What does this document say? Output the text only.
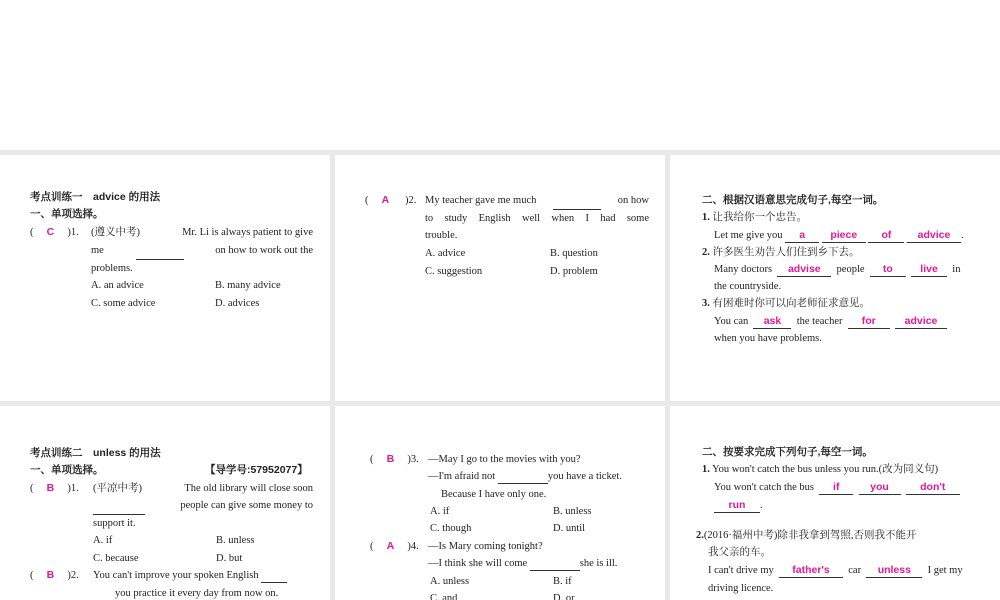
考点训练一　advice 的用法
一、单项选择。
(     C )1. (遵义中考)	Mr. Li is always patient to give
me
	on how to work out the
problems.
A. an advice	B. many advice
C. some advice	D. advices
(     A )2. My teacher gave me much
	on how
to study English well when I had some
trouble.
A. advice	B. question
C. suggestion	D. problem
二、根据汉语意思完成句子,每空一词。
1. 让我给你一个忠告。
Let me give you a piece of	advice .
2. 许多医生劝告人们住到乡下去。
Many doctors advise people to	live in
the countryside.
3. 有困难时你可以向老师征求意见。
You can ask the teacher for	advice
when you have problems.
考点训练二　unless 的用法
一、单项选择。	【导学号:57952077】
(     B )1. (平凉中考)	The old library will close soon

people can give some money to
support it.
A. if	B. unless
C. because	D. but
(     B )2. You can't improve your spoken English
you practice it every day from now on.
(     B )3. —May I go to the movies with you?
—I'm afraid not	you have a ticket.
Because I have only one.
A. if	B. unless
C. though	D. until
(     A )4. —Is Mary coming tonight?
—I think she will come	she is ill.
A. unless	B. if
C. and	D. or
二、按要求完成下列句子,每空一词。
1. You won't catch the bus unless you run.(改为同义句)
You won't catch the bus if	you	don't
run .
2.(2016·福州中考)除非我拿到驾照,否则我不能开
我父亲的车。
I can't drive my father's car unless I get my
driving licence.
